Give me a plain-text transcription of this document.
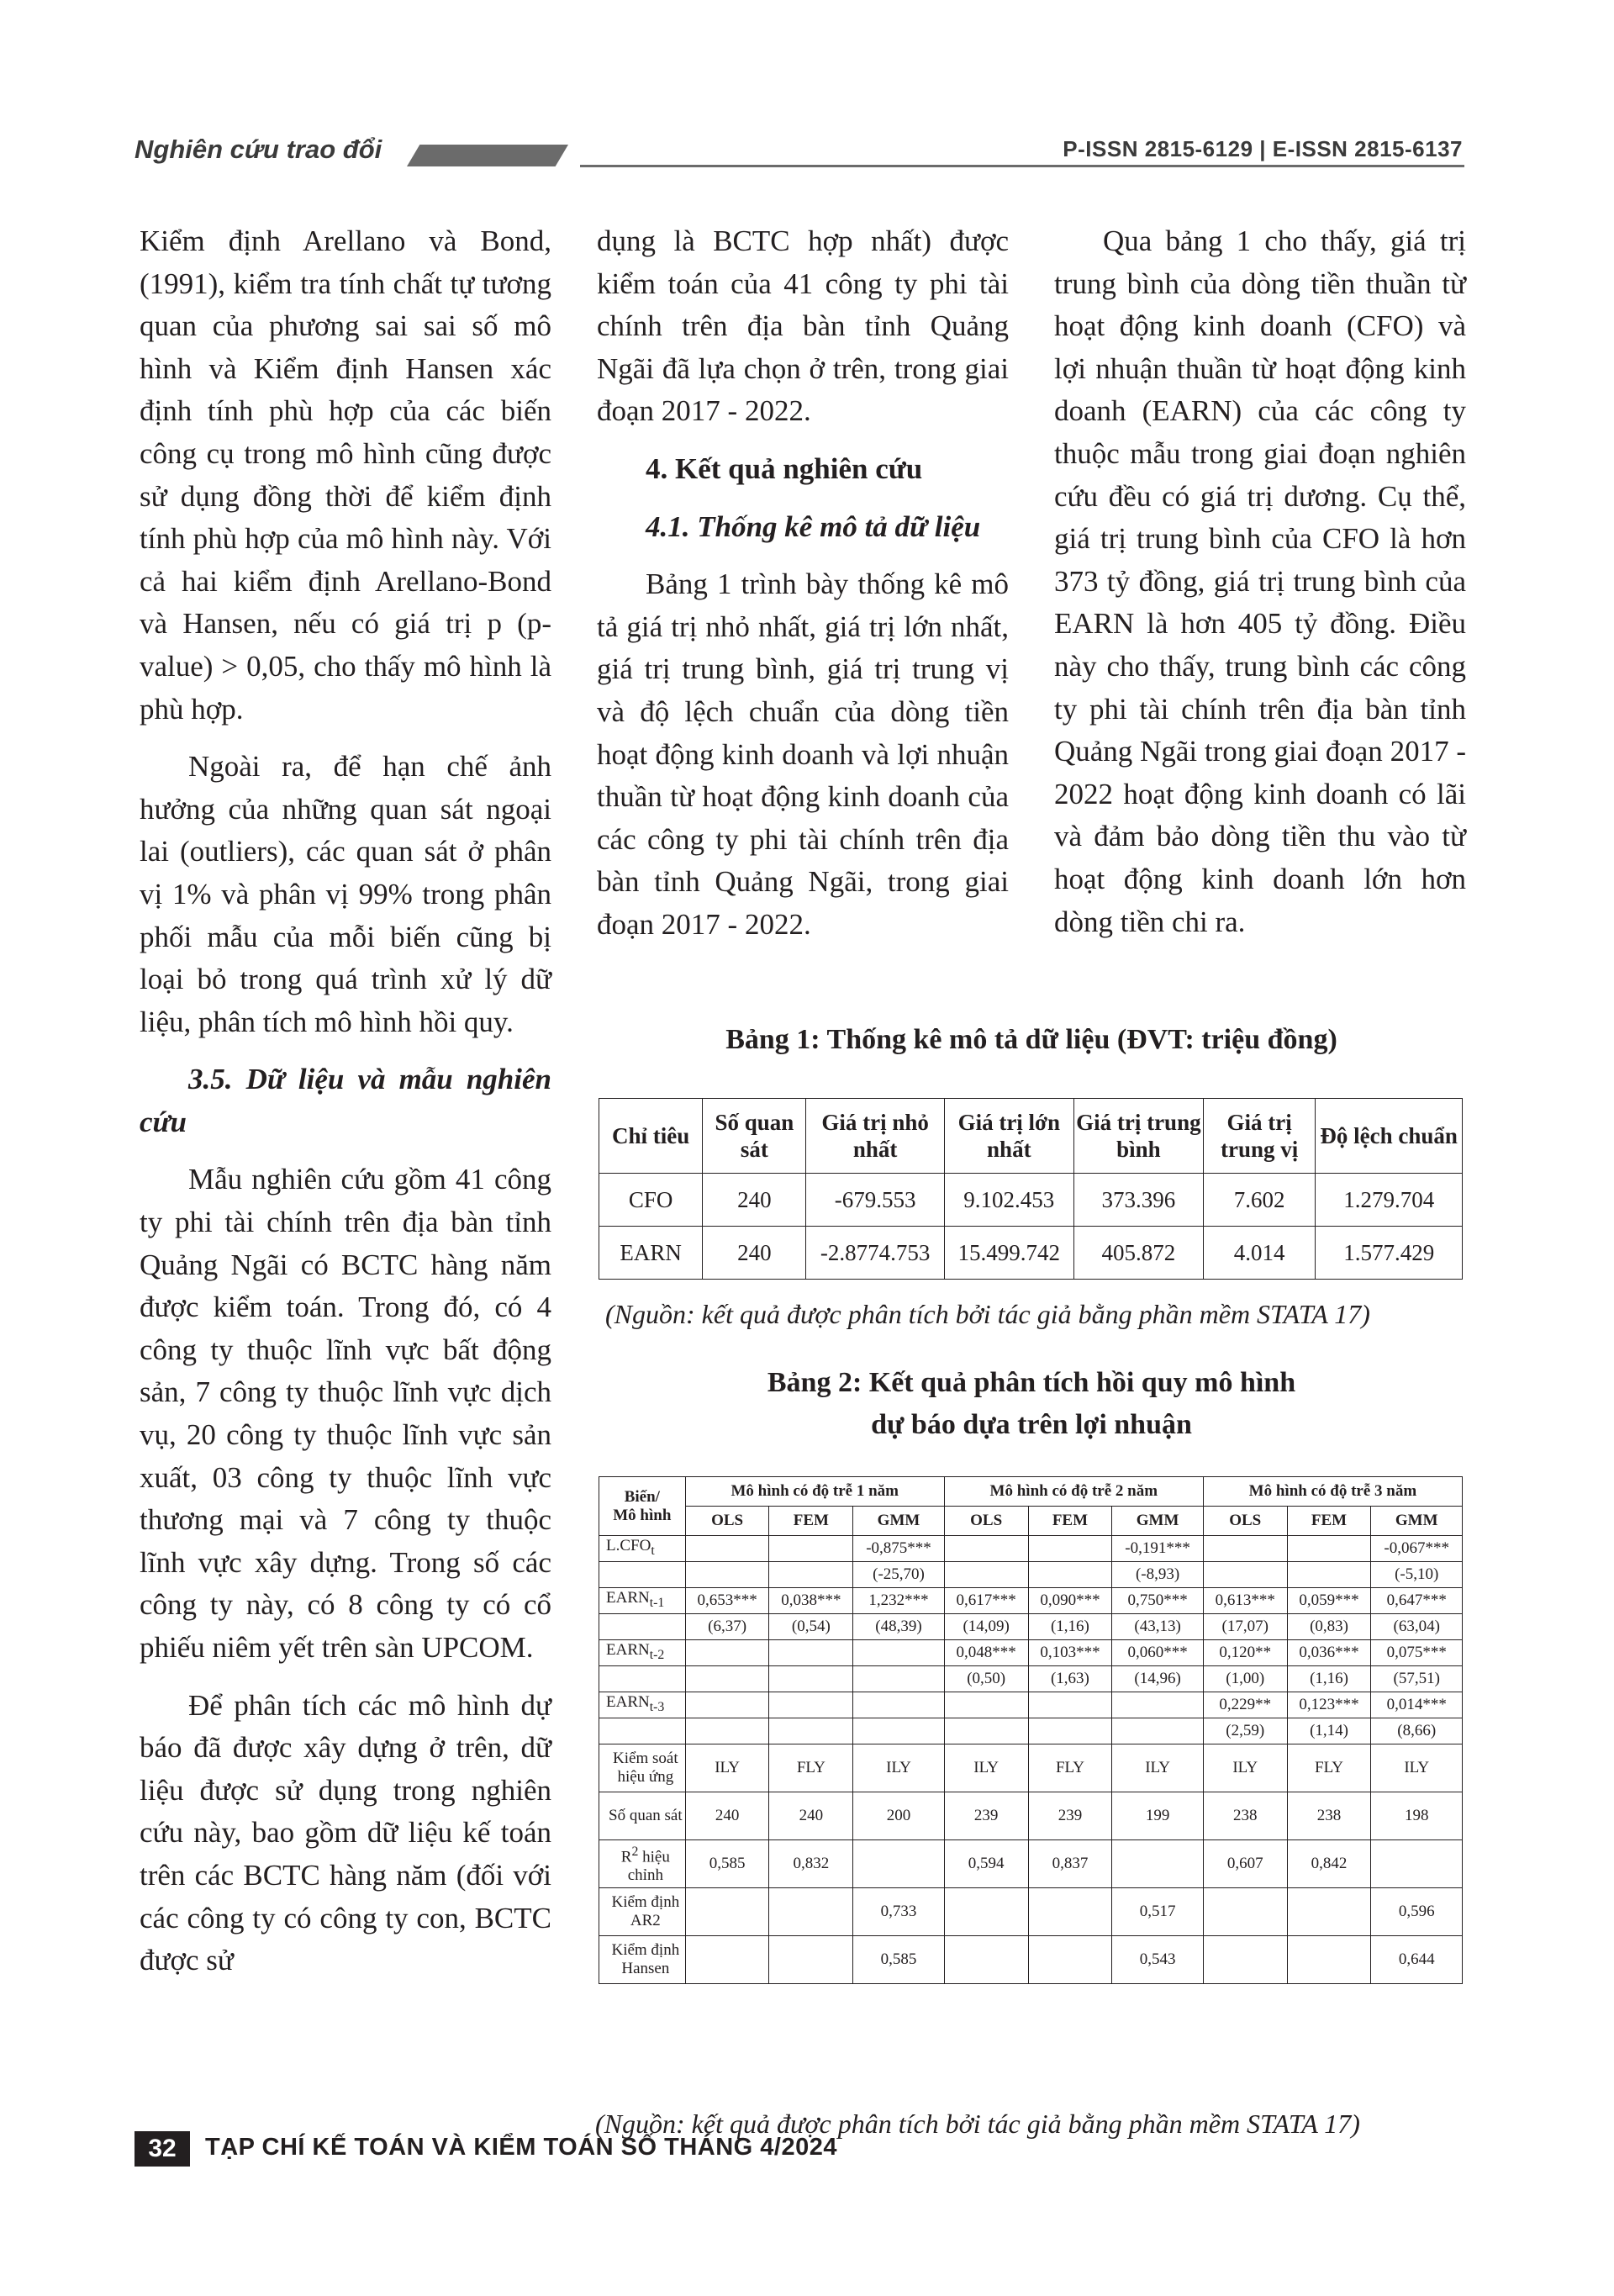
Nghiên cứu trao đổi	P-ISSN 2815-6129 | E-ISSN 2815-6137

Kiểm định Arellano và Bond, (1991), kiểm tra tính chất tự tương quan của phương sai sai số mô hình và Kiểm định Hansen xác định tính phù hợp của các biến công cụ trong mô hình cũng được sử dụng đồng thời để kiểm định tính phù hợp của mô hình này. Với cả hai kiểm định Arellano-Bond và Hansen, nếu có giá trị p (p-value) > 0,05, cho thấy mô hình là phù hợp.

Ngoài ra, để hạn chế ảnh hưởng của những quan sát ngoại lai (outliers), các quan sát ở phân vị 1% và phân vị 99% trong phân phối mẫu của mỗi biến cũng bị loại bỏ trong quá trình xử lý dữ liệu, phân tích mô hình hồi quy.

3.5. Dữ liệu và mẫu nghiên cứu

Mẫu nghiên cứu gồm 41 công ty phi tài chính trên địa bàn tỉnh Quảng Ngãi có BCTC hàng năm được kiểm toán. Trong đó, có 4 công ty thuộc lĩnh vực bất động sản, 7 công ty thuộc lĩnh vực dịch vụ, 20 công ty thuộc lĩnh vực sản xuất, 03 công ty thuộc lĩnh vực thương mại và 7 công ty thuộc lĩnh vực xây dựng. Trong số các công ty này, có 8 công ty có cổ phiếu niêm yết trên sàn UPCOM.

Để phân tích các mô hình dự báo đã được xây dựng ở trên, dữ liệu được sử dụng trong nghiên cứu này, bao gồm dữ liệu kế toán trên các BCTC hàng năm (đối với các công ty có công ty con, BCTC được sử

dụng là BCTC hợp nhất) được kiểm toán của 41 công ty phi tài chính trên địa bàn tỉnh Quảng Ngãi đã lựa chọn ở trên, trong giai đoạn 2017 - 2022.

4. Kết quả nghiên cứu

4.1. Thống kê mô tả dữ liệu

Bảng 1 trình bày thống kê mô tả giá trị nhỏ nhất, giá trị lớn nhất, giá trị trung bình, giá trị trung vị và độ lệch chuẩn của dòng tiền hoạt động kinh doanh và lợi nhuận thuần từ hoạt động kinh doanh của các công ty phi tài chính trên địa bàn tỉnh Quảng Ngãi, trong giai đoạn 2017 - 2022.

Qua bảng 1 cho thấy, giá trị trung bình của dòng tiền thuần từ hoạt động kinh doanh (CFO) và lợi nhuận thuần từ hoạt động kinh doanh (EARN) của các công ty thuộc mẫu trong giai đoạn nghiên cứu đều có giá trị dương. Cụ thể, giá trị trung bình của CFO là hơn 373 tỷ đồng, giá trị trung bình của EARN là hơn 405 tỷ đồng. Điều này cho thấy, trung bình các công ty phi tài chính trên địa bàn tỉnh Quảng Ngãi trong giai đoạn 2017 - 2022 hoạt động kinh doanh có lãi và đảm bảo dòng tiền thu vào từ hoạt động kinh doanh lớn hơn dòng tiền chi ra.

Bảng 1: Thống kê mô tả dữ liệu (ĐVT: triệu đồng)
Chỉ tiêu	Số quan sát	Giá trị nhỏ nhất	Giá trị lớn nhất	Giá trị trung bình	Giá trị trung vị	Độ lệch chuẩn
CFO	240	-679.553	9.102.453	373.396	7.602	1.279.704
EARN	240	-2.8774.753	15.499.742	405.872	4.014	1.577.429
(Nguồn: kết quả được phân tích bởi tác giả bằng phần mềm STATA 17)
Bảng 2: Kết quả phân tích hồi quy mô hình
dự báo dựa trên lợi nhuận
Biến/
Mô hình	Mô hình có độ trễ 1 năm			Mô hình có độ trễ 2 năm			Mô hình có độ trễ 3 năm		
	OLS	FEM	GMM	OLS	FEM	GMM	OLS	FEM	GMM
$L.CFO_t$			-0,875***			-0,191***			-0,067***
			(-25,70)			(-8,93)			(-5,10)
$EARN_{t-1}$	0,653***	0,038***	1,232***	0,617***	0,090***	0,750***	0,613***	0,059***	0,647***
	(6,37)	(0,54)	(48,39)	(14,09)	(1,16)	(43,13)	(17,07)	(0,83)	(63,04)
$EARN_{t-2}$				0,048***	0,103***	0,060***	0,120**	0,036***	0,075***
				(0,50)	(1,63)	(14,96)	(1,00)	(1,16)	(57,51)
$EARN_{t-3}$							0,229**	0,123***	0,014***
							(2,59)	(1,14)	(8,66)
Kiểm soát hiệu ứng	ILY	FLY	ILY	ILY	FLY	ILY	ILY	FLY	ILY
Số quan sát	240	240	200	239	239	199	238	238	198
$R^2$ hiệu chỉnh	0,585	0,832		0,594	0,837		0,607	0,842	
Kiểm định AR2			0,733			0,517			0,596
Kiểm định Hansen			0,585			0,543			0,644
(Nguồn: kết quả được phân tích bởi tác giả bằng phần mềm STATA 17)
32	TẠP CHÍ KẾ TOÁN VÀ KIỂM TOÁN SỐ THÁNG 4/2024
